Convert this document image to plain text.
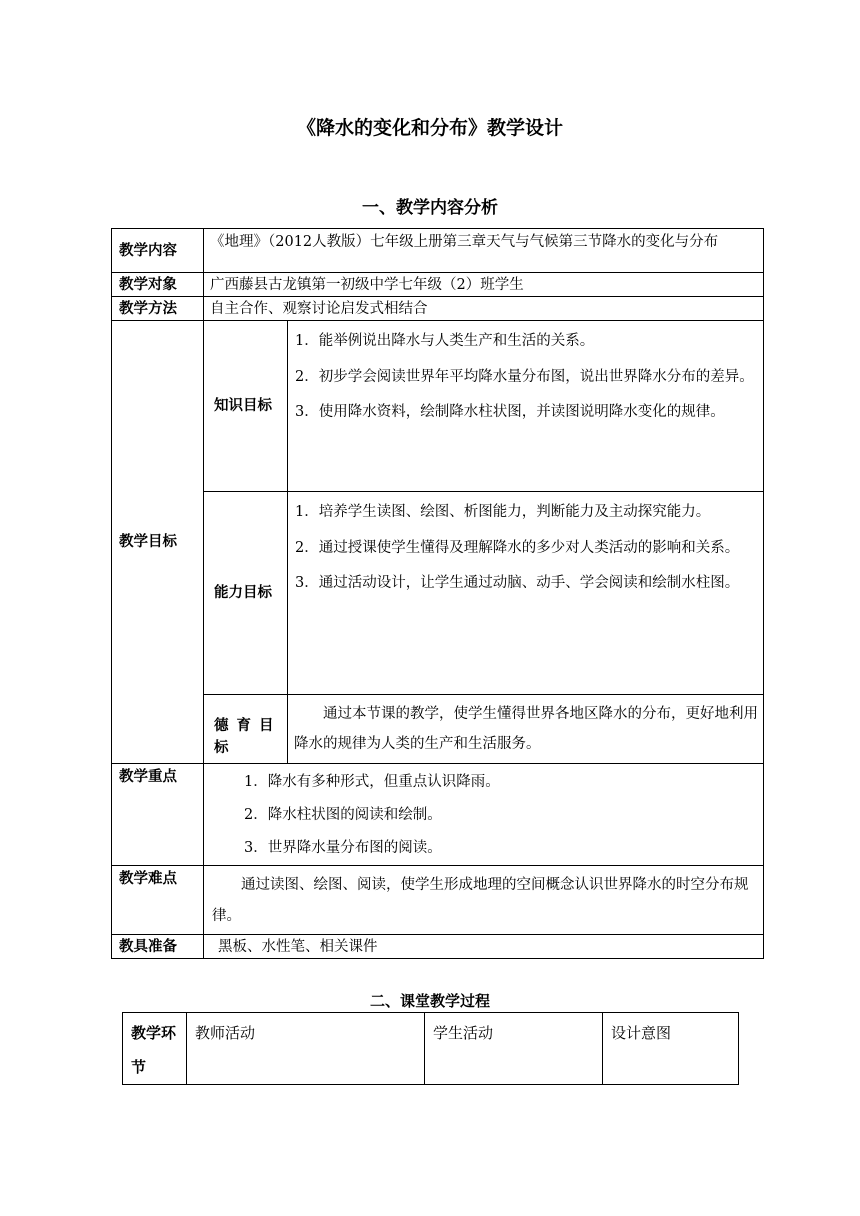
《降水的变化和分布》教学设计
一、教学内容分析
教学内容	《地理》（2012人教版）七年级上册第三章天气与气候第三节降水的变化与分布	
教学对象	广西藤县古龙镇第一初级中学七年级（2）班学生	
教学方法	自主合作、观察讨论启发式相结合	
教学目标	知识目标	1．能举例说出降水与人类生产和生活的关系。
2．初步学会阅读世界年平均降水量分布图，说出世界降水分布的差异。
3．使用降水资料，绘制降水柱状图，并读图说明降水变化的规律。

	能力目标	1．培养学生读图、绘图、析图能力，判断能力及主动探究能力。
2．通过授课使学生懂得及理解降水的多少对人类活动的影响和关系。
3．通过活动设计，让学生通过动脑、动手、学会阅读和绘制水柱图。

	德育目标	通过本节课的教学，使学生懂得世界各地区降水的分布，更好地利用降水的规律为人类的生产和生活服务。
教学重点	1．降水有多种形式，但重点认识降雨。
2．降水柱状图的阅读和绘制。
3．世界降水量分布图的阅读。	

教学难点	通过读图、绘图、阅读，使学生形成地理的空间概念认识世界降水的时空分布规律。	
教具准备	黑板、水性笔、相关课件	
二、课堂教学过程
教学环节	教师活动	学生活动	设计意图
